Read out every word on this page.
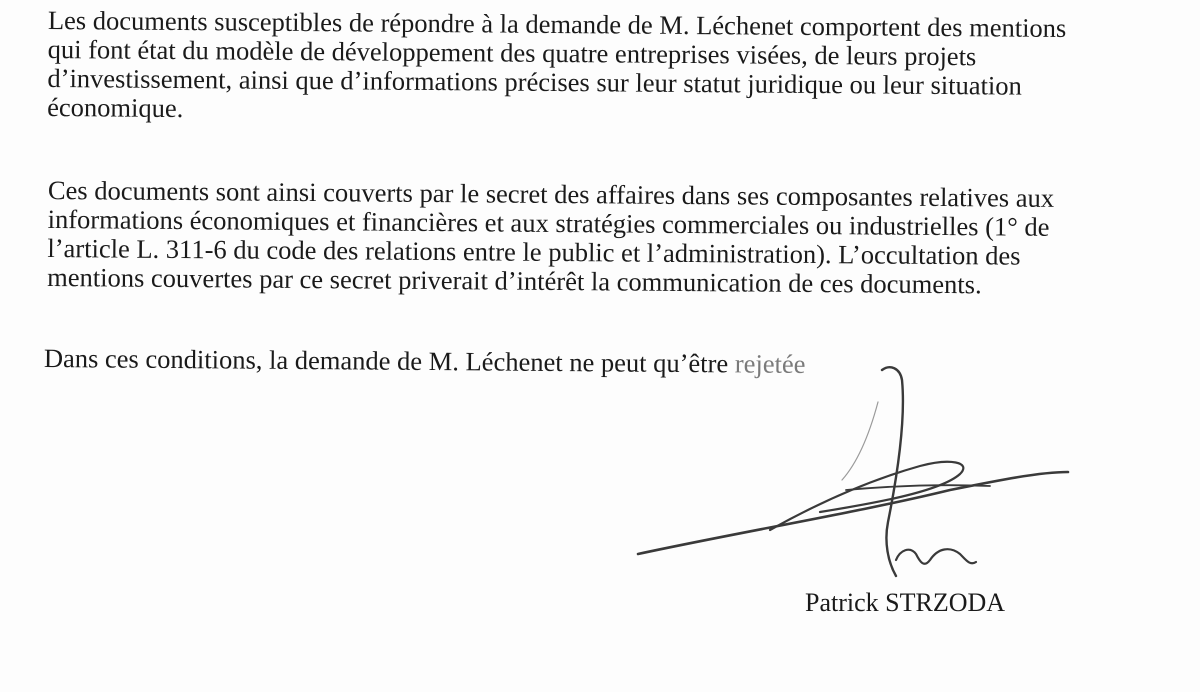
Les documents susceptibles de répondre à la demande de M. Léchenet comportent des mentions
qui font état du modèle de développement des quatre entreprises visées, de leurs projets
d’investissement, ainsi que d’informations précises sur leur statut juridique ou leur situation
économique.
Ces documents sont ainsi couverts par le secret des affaires dans ses composantes relatives aux
informations économiques et financières et aux stratégies commerciales ou industrielles (1° de
l’article L. 311-6 du code des relations entre le public et l’administration). L’occultation des
mentions couvertes par ce secret priverait d’intérêt la communication de ces documents.
Dans ces conditions, la demande de M. Léchenet ne peut qu’être rejetée
Patrick STRZODA
